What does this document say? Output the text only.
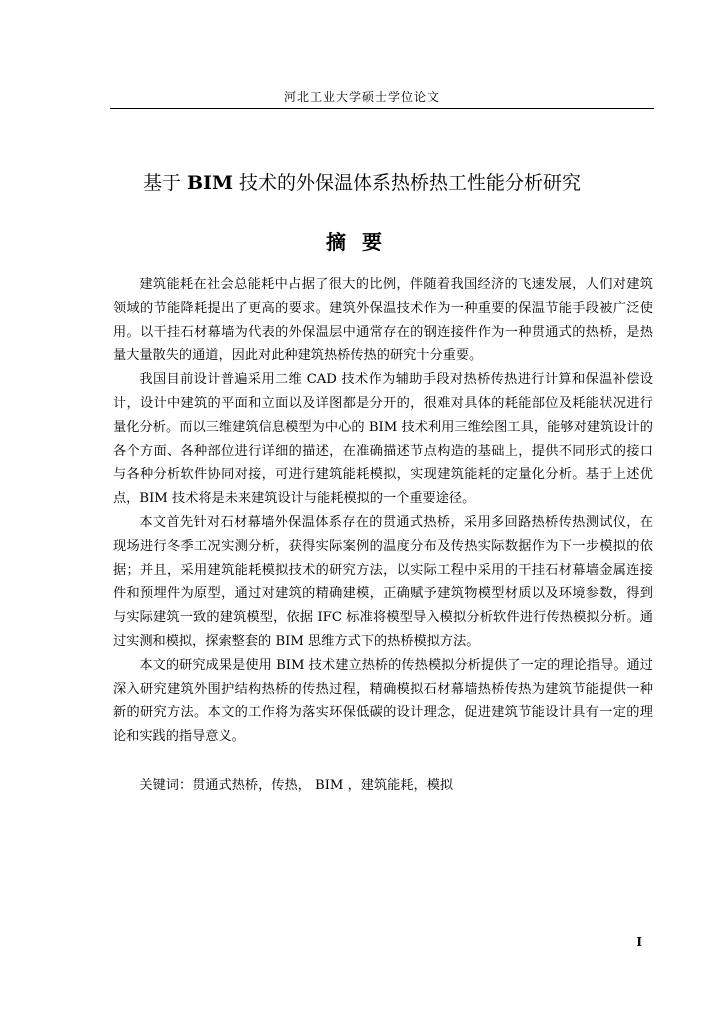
河北工业大学硕士学位论文
基于 BIM 技术的外保温体系热桥热工性能分析研究
摘要

建筑能耗在社会总能耗中占据了很大的比例，伴随着我国经济的飞速发展，人们对建筑领域的节能降耗提出了更高的要求。建筑外保温技术作为一种重要的保温节能手段被广泛使用。以干挂石材幕墙为代表的外保温层中通常存在的钢连接件作为一种贯通式的热桥，是热量大量散失的通道，因此对此种建筑热桥传热的研究十分重要。

我国目前设计普遍采用二维 CAD 技术作为辅助手段对热桥传热进行计算和保温补偿设计，设计中建筑的平面和立面以及详图都是分开的，很难对具体的耗能部位及耗能状况进行量化分析。而以三维建筑信息模型为中心的 BIM 技术利用三维绘图工具，能够对建筑设计的各个方面、各种部位进行详细的描述，在准确描述节点构造的基础上，提供不同形式的接口与各种分析软件协同对接，可进行建筑能耗模拟，实现建筑能耗的定量化分析。基于上述优点，BIM 技术将是未来建筑设计与能耗模拟的一个重要途径。

本文首先针对石材幕墙外保温体系存在的贯通式热桥，采用多回路热桥传热测试仪，在现场进行冬季工况实测分析，获得实际案例的温度分布及传热实际数据作为下一步模拟的依据；并且，采用建筑能耗模拟技术的研究方法，以实际工程中采用的干挂石材幕墙金属连接件和预埋件为原型，通过对建筑的精确建模，正确赋予建筑物模型材质以及环境参数，得到与实际建筑一致的建筑模型，依据 IFC 标准将模型导入模拟分析软件进行传热模拟分析。通过实测和模拟，探索整套的 BIM 思维方式下的热桥模拟方法。

本文的研究成果是使用 BIM 技术建立热桥的传热模拟分析提供了一定的理论指导。通过深入研究建筑外围护结构热桥的传热过程，精确模拟石材幕墙热桥传热为建筑节能提供一种新的研究方法。本文的工作将为落实环保低碳的设计理念，促进建筑节能设计具有一定的理论和实践的指导意义。

关键词：贯通式热桥，传热， BIM ，建筑能耗，模拟

I
